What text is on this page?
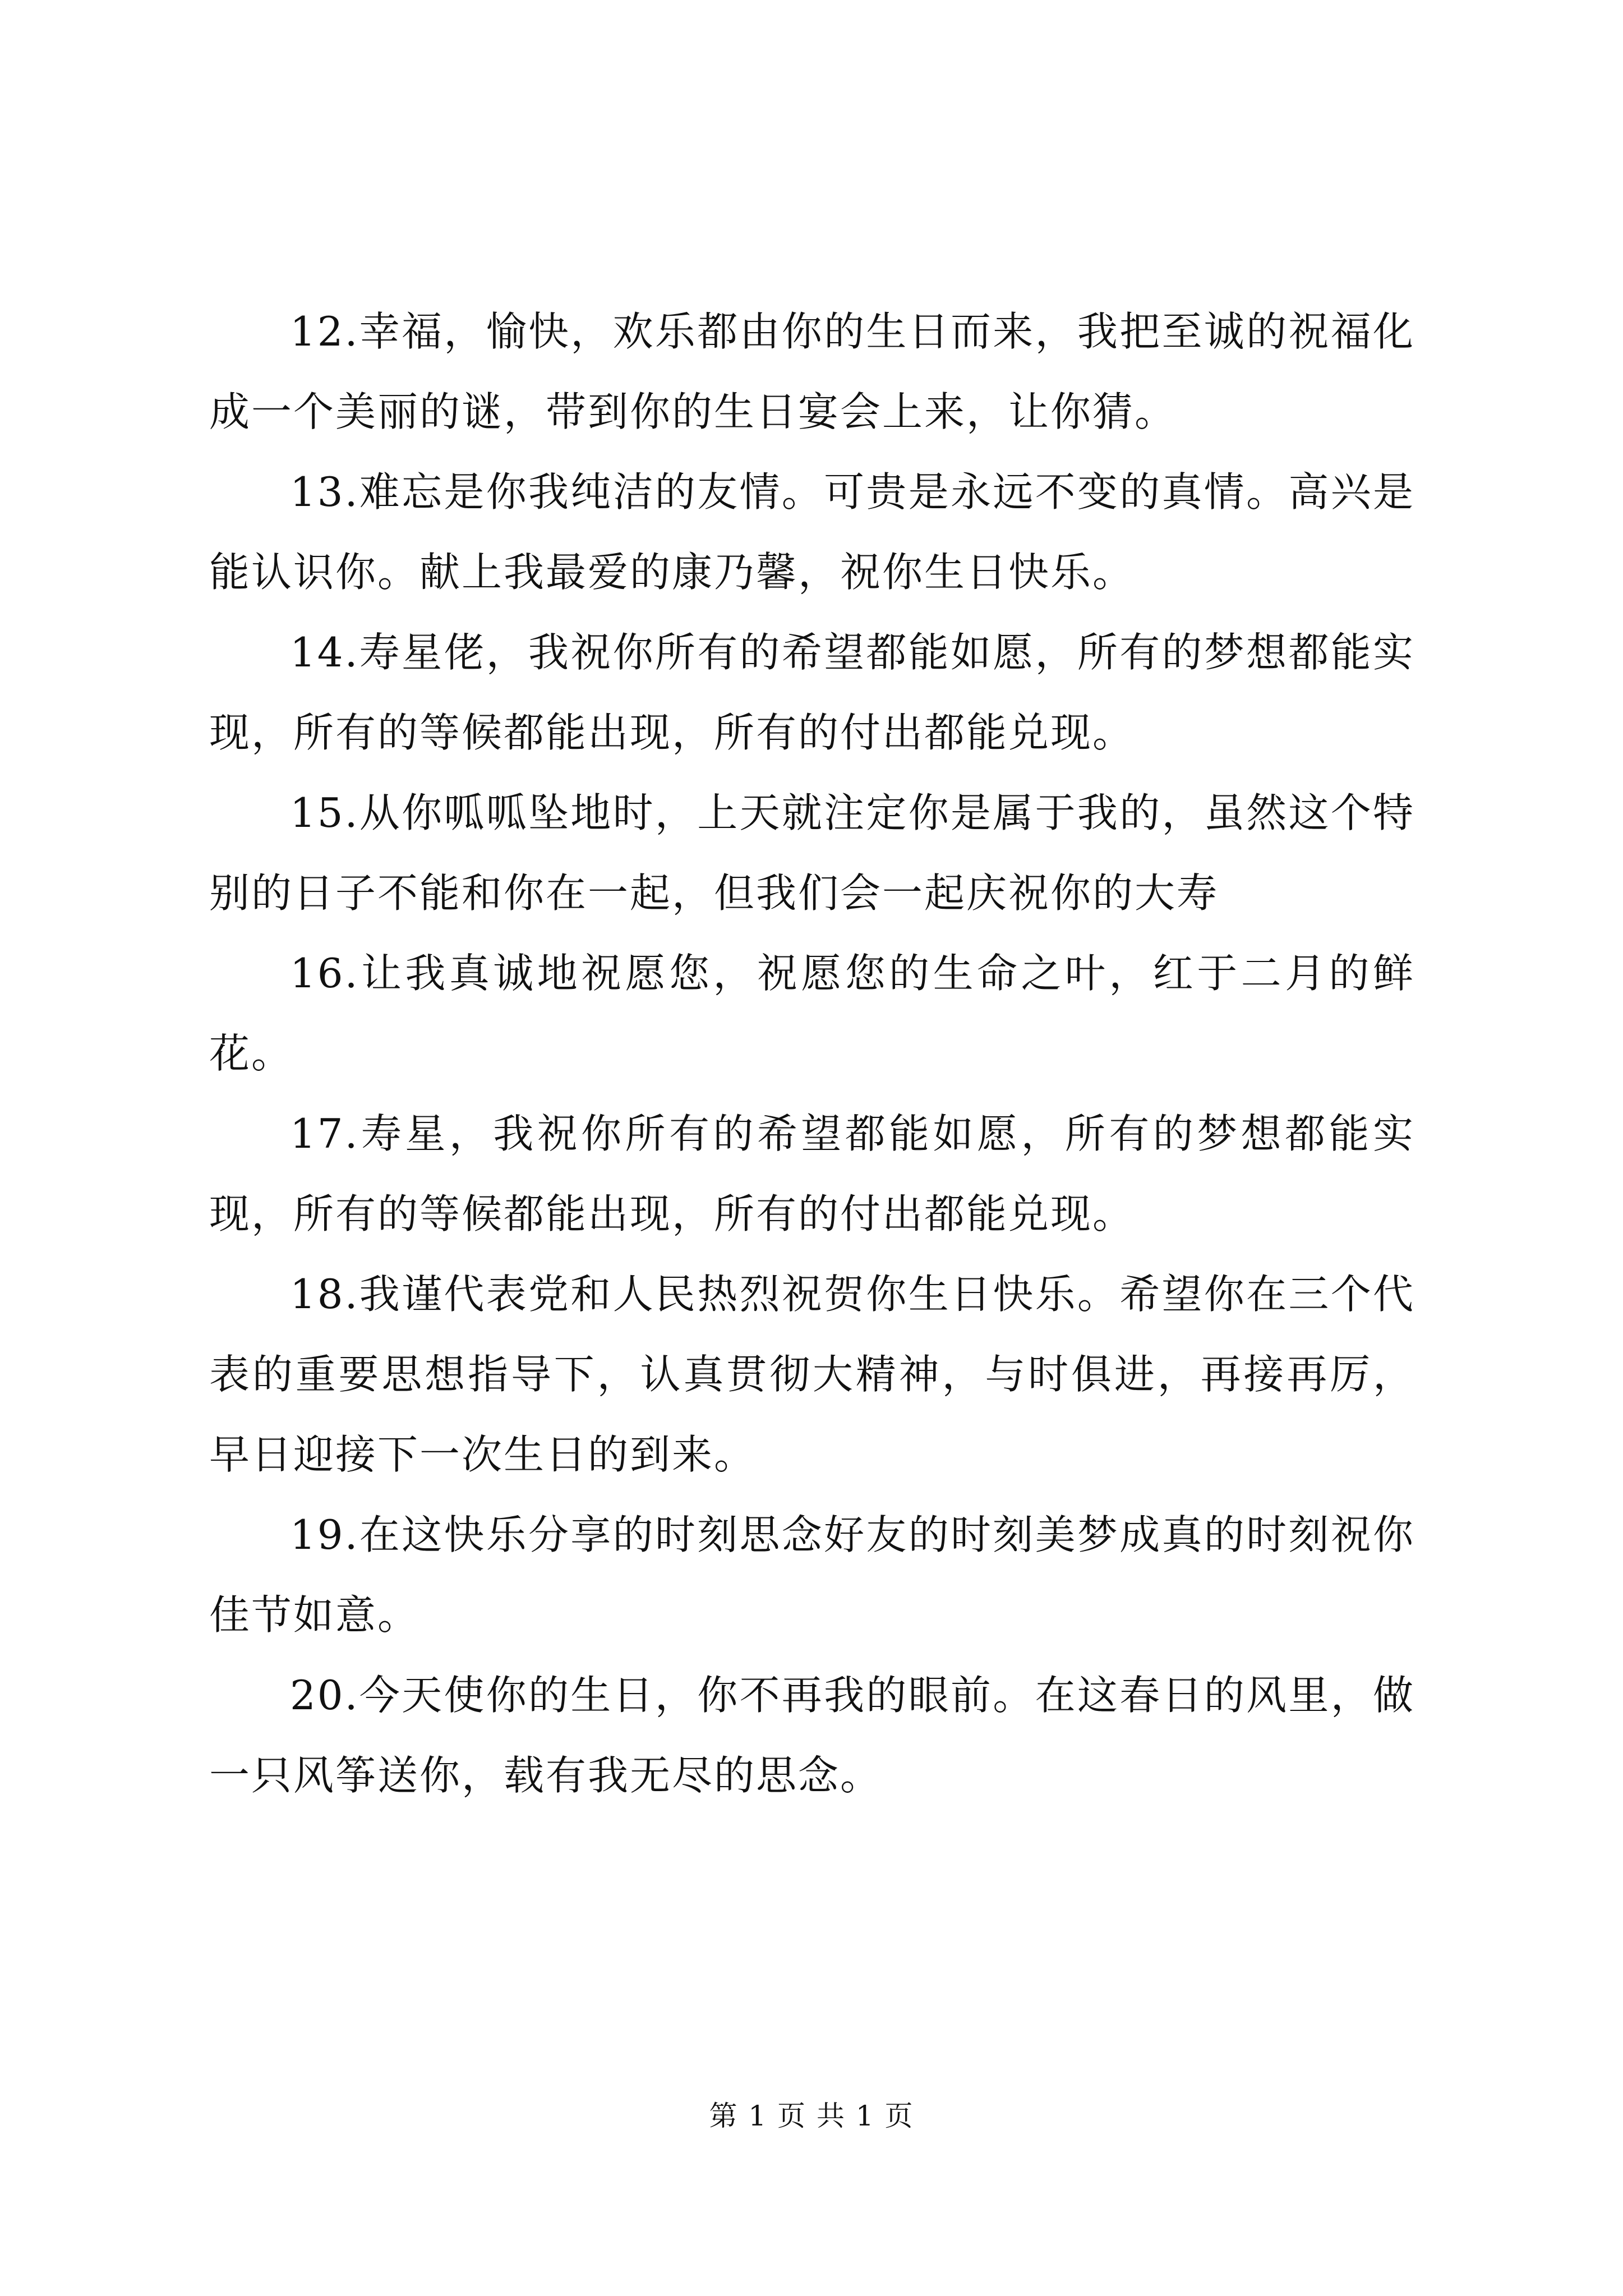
12.幸福，愉快，欢乐都由你的生日而来，我把至诚的祝福化成一个美丽的谜，带到你的生日宴会上来，让你猜。

13.难忘是你我纯洁的友情。可贵是永远不变的真情。高兴是能认识你。献上我最爱的康乃馨，祝你生日快乐。

14.寿星佬，我祝你所有的希望都能如愿，所有的梦想都能实现，所有的等候都能出现，所有的付出都能兑现。

15.从你呱呱坠地时，上天就注定你是属于我的，虽然这个特别的日子不能和你在一起，但我们会一起庆祝你的大寿

16.让我真诚地祝愿您，祝愿您的生命之叶，红于二月的鲜花。

17.寿星，我祝你所有的希望都能如愿，所有的梦想都能实现，所有的等候都能出现，所有的付出都能兑现。

18.我谨代表党和人民热烈祝贺你生日快乐。希望你在三个代表的重要思想指导下，认真贯彻大精神，与时俱进，再接再厉，早日迎接下一次生日的到来。

19.在这快乐分享的时刻思念好友的时刻美梦成真的时刻祝你佳节如意。

20.今天使你的生日，你不再我的眼前。在这春日的风里，做一只风筝送你，载有我无尽的思念。

第 1 页 共 1 页
